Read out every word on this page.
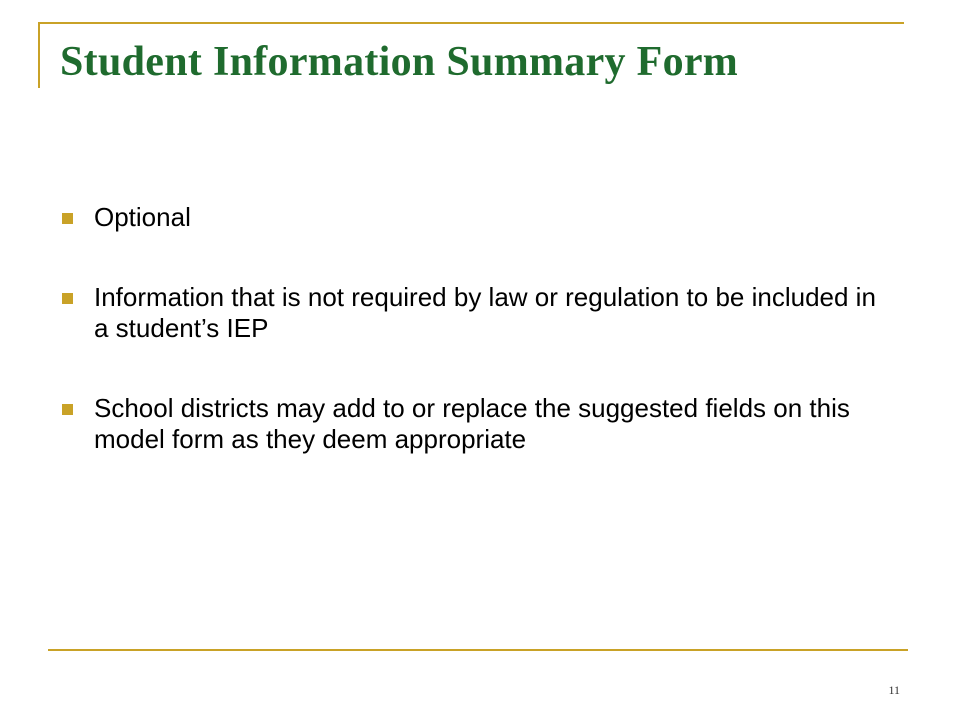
Student Information Summary Form
Optional
Information that is not required by law or regulation to be included in a student’s IEP
School districts may add to or replace the suggested fields on this model form as they deem appropriate
11
